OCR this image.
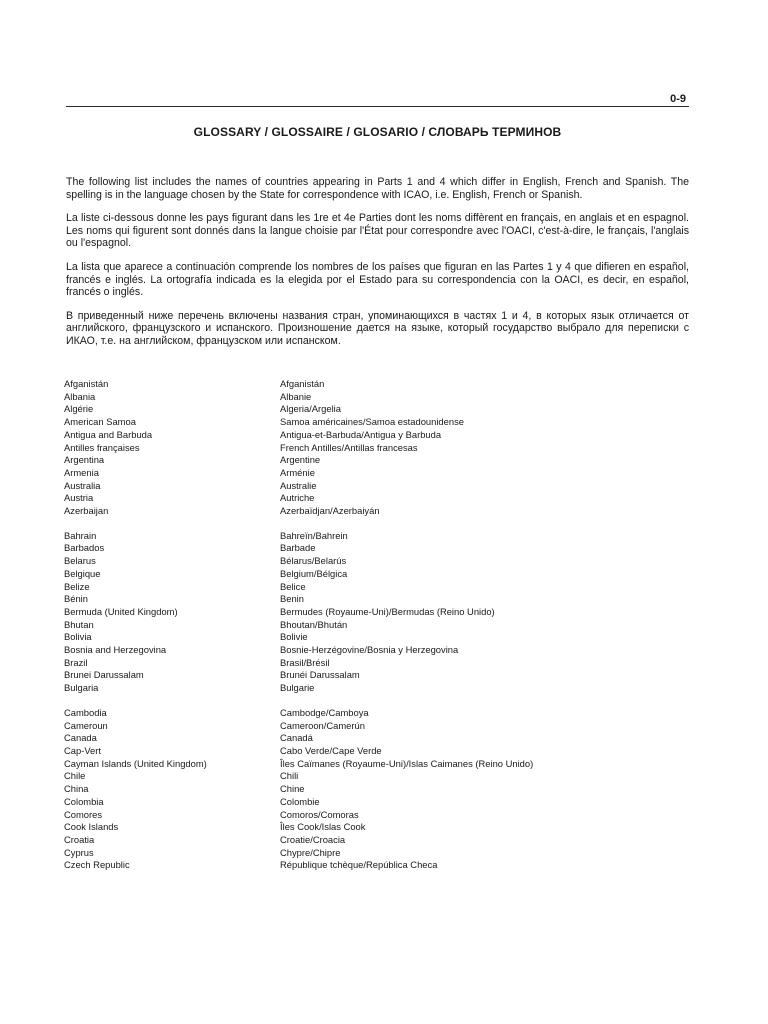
0-9
GLOSSARY / GLOSSAIRE / GLOSARIO / СЛОВАРЬ ТЕРМИНОВ

The following list includes the names of countries appearing in Parts 1 and 4 which differ in English, French and Spanish. The spelling is in the language chosen by the State for correspondence with ICAO, i.e. English, French or Spanish.

La liste ci-dessous donne les pays figurant dans les 1re et 4e Parties dont les noms diffèrent en français, en anglais et en espagnol. Les noms qui figurent sont donnés dans la langue choisie par l'État pour correspondre avec l'OACI, c'est-à-dire, le français, l'anglais ou l'espagnol.

La lista que aparece a continuación comprende los nombres de los países que figuran en las Partes 1 y 4 que difieren en español, francés e inglés. La ortografía indicada es la elegida por el Estado para su correspondencia con la OACI, es decir, en español, francés o inglés.

В приведенный ниже перечень включены названия стран, упоминающихся в частях 1 и 4, в которых язык отличается от английского, французского и испанского. Произношение дается на языке, который государство выбрало для переписки с ИКАО, т.е. на английском, французском или испанском.

Afganistán	Afganistán
Albania	Albanie
Algérie	Algeria/Argelia
American Samoa	Samoa américaines/Samoa estadounidense
Antigua and Barbuda	Antigua-et-Barbuda/Antigua y Barbuda
Antilles françaises	French Antilles/Antillas francesas
Argentina	Argentine
Armenia	Arménie
Australia	Australie
Austria	Autriche
Azerbaijan	Azerbaïdjan/Azerbaiyán
Bahrain	Bahreïn/Bahrein
Barbados	Barbade
Belarus	Bélarus/Belarús
Belgique	Belgium/Bélgica
Belize	Belice
Bénin	Benin
Bermuda (United Kingdom)	Bermudes (Royaume-Uni)/Bermudas (Reino Unido)
Bhutan	Bhoutan/Bhután
Bolivia	Bolivie
Bosnia and Herzegovina	Bosnie-Herzégovine/Bosnia y Herzegovina
Brazil	Brasil/Brésil
Brunei Darussalam	Brunéi Darussalam
Bulgaria	Bulgarie
Cambodia	Cambodge/Camboya
Cameroun	Cameroon/Camerún
Canada	Canadá
Cap-Vert	Cabo Verde/Cape Verde
Cayman Islands (United Kingdom)	Îles Caïmanes (Royaume-Uni)/Islas Caimanes (Reino Unido)
Chile	Chili
China	Chine
Colombia	Colombie
Comores	Comoros/Comoras
Cook Islands	Îles Cook/Islas Cook
Croatia	Croatie/Croacia
Cyprus	Chypre/Chipre
Czech Republic	République tchèque/República Checa
